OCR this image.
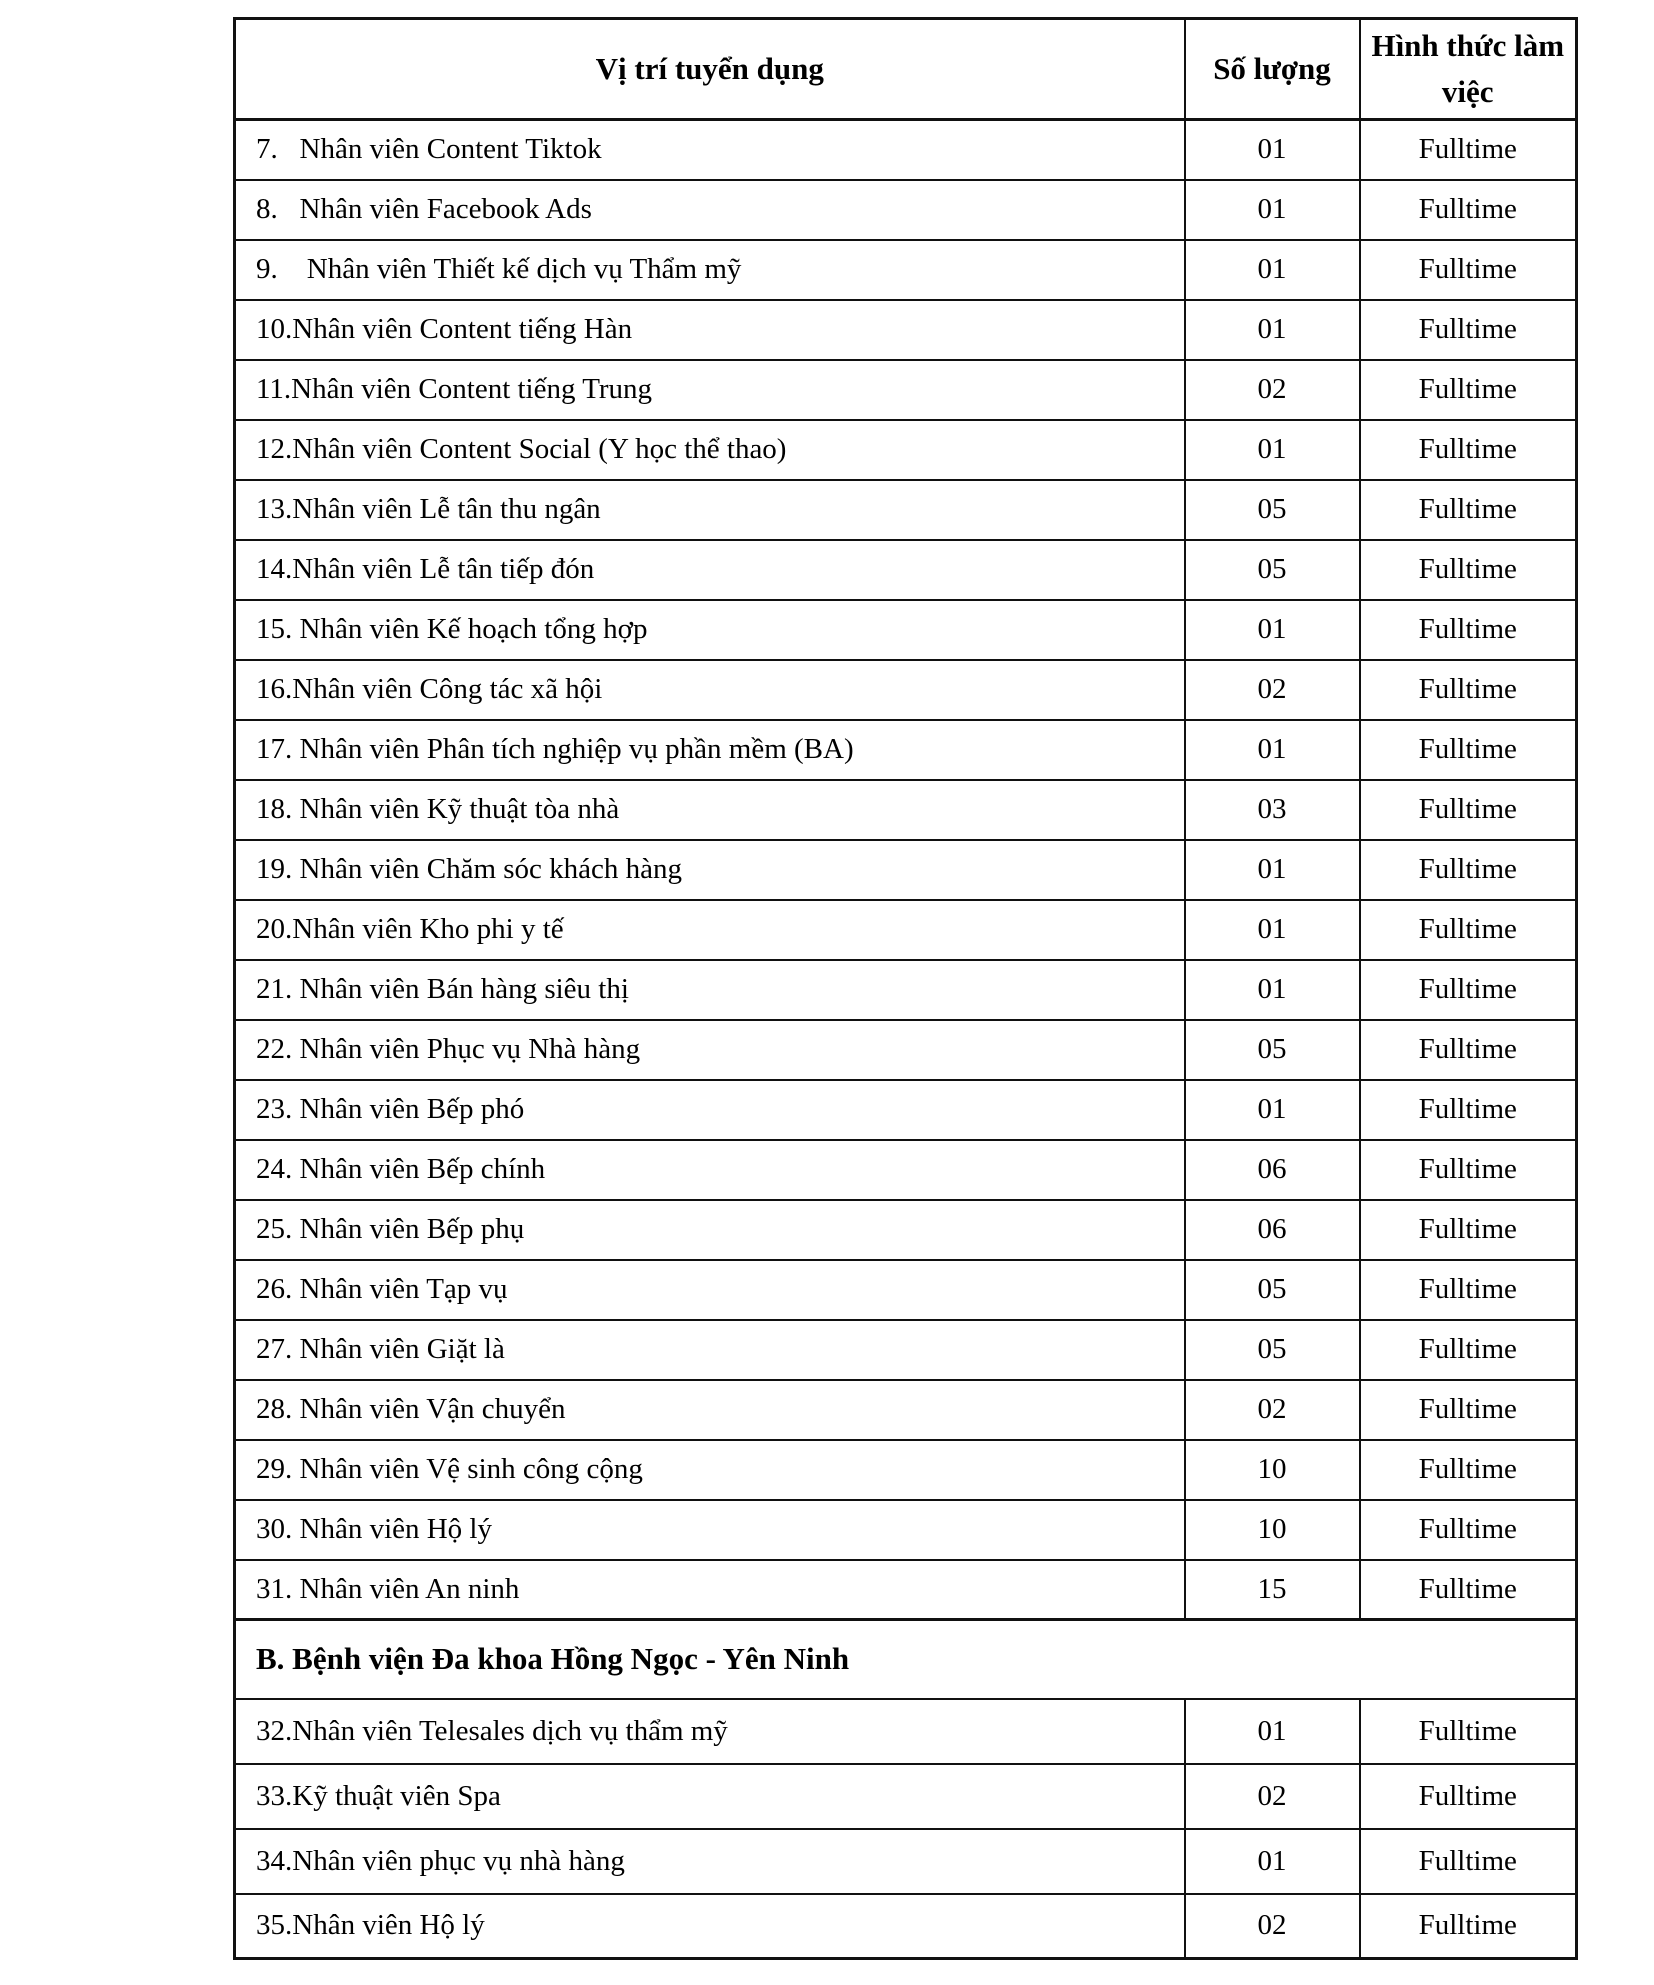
Vị trí tuyển dụng	Số lượng	Hình thức làm việc
7.   Nhân viên Content Tiktok	01	Fulltime
8.   Nhân viên Facebook Ads	01	Fulltime
9.    Nhân viên Thiết kế dịch vụ Thẩm mỹ	01	Fulltime
10.Nhân viên Content tiếng Hàn	01	Fulltime
11.Nhân viên Content tiếng Trung	02	Fulltime
12.Nhân viên Content Social (Y học thể thao)	01	Fulltime
13.Nhân viên Lễ tân thu ngân	05	Fulltime
14.Nhân viên Lễ tân tiếp đón	05	Fulltime
15. Nhân viên Kế hoạch tổng hợp	01	Fulltime
16.Nhân viên Công tác xã hội	02	Fulltime
17. Nhân viên Phân tích nghiệp vụ phần mềm (BA)	01	Fulltime
18. Nhân viên Kỹ thuật tòa nhà	03	Fulltime
19. Nhân viên Chăm sóc khách hàng	01	Fulltime
20.Nhân viên Kho phi y tế	01	Fulltime
21. Nhân viên Bán hàng siêu thị	01	Fulltime
22. Nhân viên Phục vụ Nhà hàng	05	Fulltime
23. Nhân viên Bếp phó	01	Fulltime
24. Nhân viên Bếp chính	06	Fulltime
25. Nhân viên Bếp phụ	06	Fulltime
26. Nhân viên Tạp vụ	05	Fulltime
27. Nhân viên Giặt là	05	Fulltime
28. Nhân viên Vận chuyển	02	Fulltime
29. Nhân viên Vệ sinh công cộng	10	Fulltime
30. Nhân viên Hộ lý	10	Fulltime
31. Nhân viên An ninh	15	Fulltime
B. Bệnh viện Đa khoa Hồng Ngọc - Yên Ninh		
32.Nhân viên Telesales dịch vụ thẩm mỹ	01	Fulltime
33.Kỹ thuật viên Spa	02	Fulltime
34.Nhân viên phục vụ nhà hàng	01	Fulltime
35.Nhân viên Hộ lý	02	Fulltime
